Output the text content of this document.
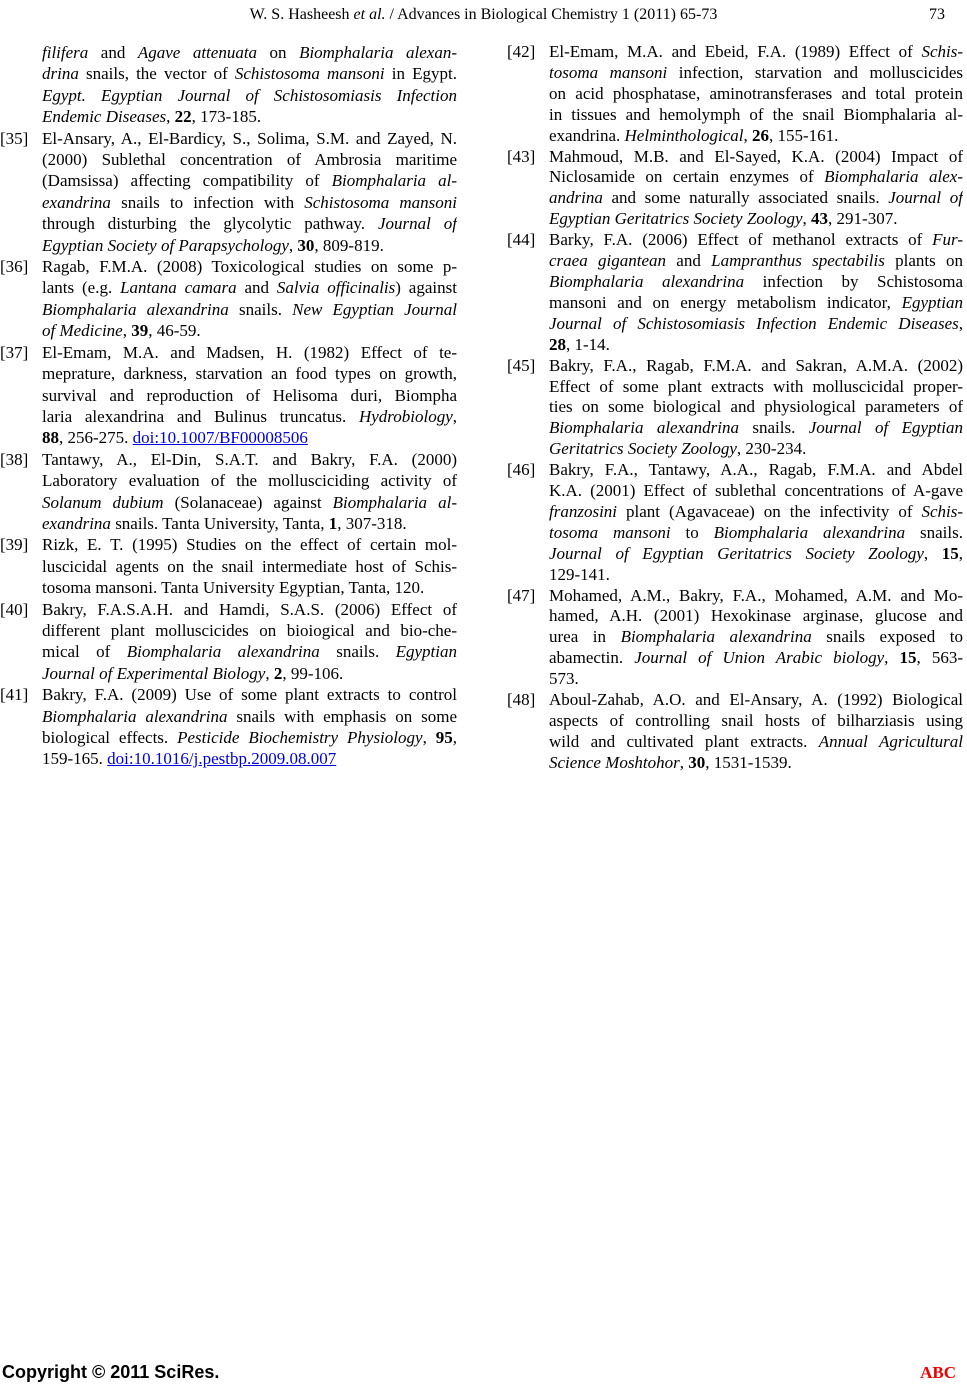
W. S. Hasheesh et al. / Advances in Biological Chemistry 1 (2011) 65-73	73
filifera and Agave attenuata on Biomphalaria alexan-
drina snails, the vector of Schistosoma mansoni in Egypt.
Egypt. Egyptian Journal of Schistosomiasis Infection
Endemic Diseases, 22, 173-185.
[35] El-Ansary, A., El-Bardicy, S., Solima, S.M. and Zayed, N.
(2000) Sublethal concentration of Ambrosia maritime
(Damsissa) affecting compatibility of Biomphalaria al-
exandrina snails to infection with Schistosoma mansoni
through disturbing the glycolytic pathway. Journal of
Egyptian Society of Parapsychology, 30, 809-819.
[36] Ragab, F.M.A. (2008) Toxicological studies on some p-
lants (e.g. Lantana camara and Salvia officinalis) against
Biomphalaria alexandrina snails. New Egyptian Journal
of Medicine, 39, 46-59.
[37] El-Emam, M.A. and Madsen, H. (1982) Effect of te-
meprature, darkness, starvation an food types on growth,
survival and reproduction of Helisoma duri, Biompha
laria alexandrina and Bulinus truncatus. Hydrobiology,
88, 256-275. doi:10.1007/BF00008506
[38] Tantawy, A., El-Din, S.A.T. and Bakry, F.A. (2000)
Laboratory evaluation of the mollusciciding activity of
Solanum dubium (Solanaceae) against Biomphalaria al-
exandrina snails. Tanta University, Tanta, 1, 307-318.
[39] Rizk, E. T. (1995) Studies on the effect of certain mol-
luscicidal agents on the snail intermediate host of Schis-
tosoma mansoni. Tanta University Egyptian, Tanta, 120.
[40] Bakry, F.A.S.A.H. and Hamdi, S.A.S. (2006) Effect of
different plant molluscicides on bioiogical and bio-che-
mical of Biomphalaria alexandrina snails. Egyptian
Journal of Experimental Biology, 2, 99-106.
[41] Bakry, F.A. (2009) Use of some plant extracts to control
Biomphalaria alexandrina snails with emphasis on some
biological effects. Pesticide Biochemistry Physiology, 95,
159-165. doi:10.1016/j.pestbp.2009.08.007
[42] El-Emam, M.A. and Ebeid, F.A. (1989) Effect of Schis-
tosoma mansoni infection, starvation and molluscicides
on acid phosphatase, aminotransferases and total protein
in tissues and hemolymph of the snail Biomphalaria al-
exandrina. Helminthological, 26, 155-161.
[43] Mahmoud, M.B. and El-Sayed, K.A. (2004) Impact of
Niclosamide on certain enzymes of Biomphalaria alex-
andrina and some naturally associated snails. Journal of
Egyptian Geritatrics Society Zoology, 43, 291-307.
[44] Barky, F.A. (2006) Effect of methanol extracts of Fur-
craea gigantean and Lampranthus spectabilis plants on
Biomphalaria alexandrina infection by Schistosoma
mansoni and on energy metabolism indicator, Egyptian
Journal of Schistosomiasis Infection Endemic Diseases,
28, 1-14.
[45] Bakry, F.A., Ragab, F.M.A. and Sakran, A.M.A. (2002)
Effect of some plant extracts with molluscicidal proper-
ties on some biological and physiological parameters of
Biomphalaria alexandrina snails. Journal of Egyptian
Geritatrics Society Zoology, 230-234.
[46] Bakry, F.A., Tantawy, A.A., Ragab, F.M.A. and Abdel
K.A. (2001) Effect of sublethal concentrations of A-gave
franzosini plant (Agavaceae) on the infectivity of Schis-
tosoma mansoni to Biomphalaria alexandrina snails.
Journal of Egyptian Geritatrics Society Zoology, 15,
129-141.
[47] Mohamed, A.M., Bakry, F.A., Mohamed, A.M. and Mo-
hamed, A.H. (2001) Hexokinase arginase, glucose and
urea in Biomphalaria alexandrina snails exposed to
abamectin. Journal of Union Arabic biology, 15, 563-
573.
[48] Aboul-Zahab, A.O. and El-Ansary, A. (1992) Biological
aspects of controlling snail hosts of bilharziasis using
wild and cultivated plant extracts. Annual Agricultural
Science Moshtohor, 30, 1531-1539.
Copyright © 2011 SciRes.	ABC
